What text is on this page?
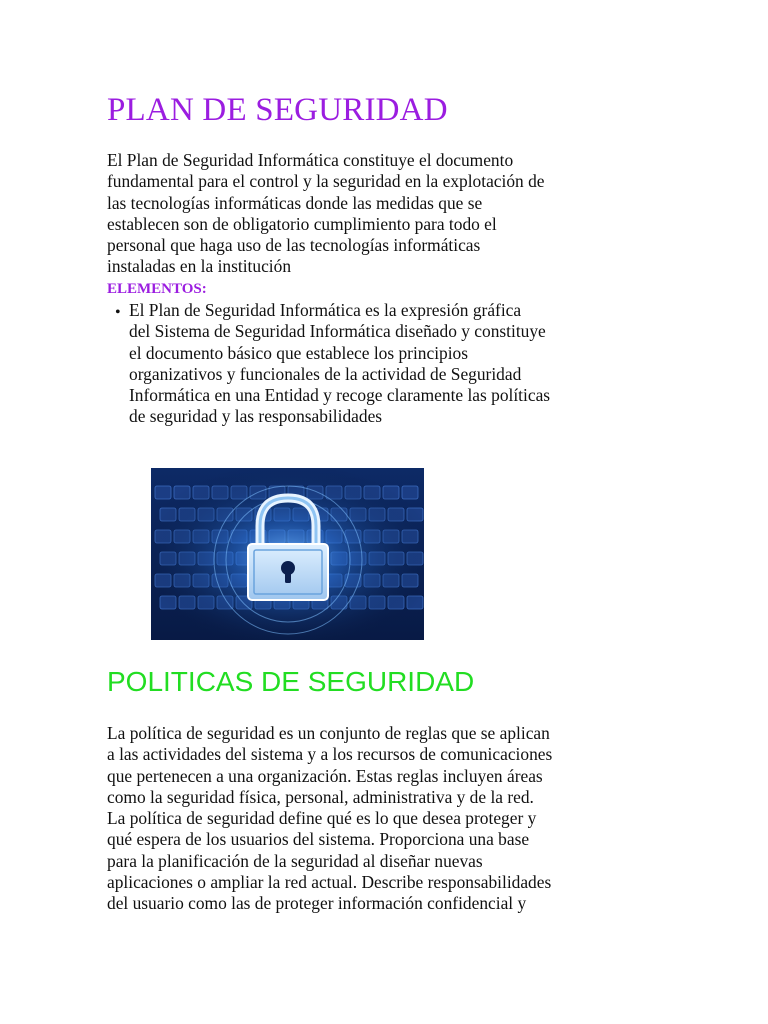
PLAN DE SEGURIDAD

El Plan de Seguridad Informática constituye el documento
fundamental para el control y la seguridad en la explotación de
las tecnologías informáticas donde las medidas que se
establecen son de obligatorio cumplimiento para todo el
personal que haga uso de las tecnologías informáticas
instaladas en la institución

ELEMENTOS:
• El Plan de Seguridad Informática es la expresión gráfica
del Sistema de Seguridad Informática diseñado y constituye
el documento básico que establece los principios
organizativos y funcionales de la actividad de Seguridad
Informática en una Entidad y recoge claramente las políticas
de seguridad y las responsabilidades

POLITICAS DE SEGURIDAD

La política de seguridad es un conjunto de reglas que se aplican
a las actividades del sistema y a los recursos de comunicaciones
que pertenecen a una organización. Estas reglas incluyen áreas
como la seguridad física, personal, administrativa y de la red.
La política de seguridad define qué es lo que desea proteger y
qué espera de los usuarios del sistema. Proporciona una base
para la planificación de la seguridad al diseñar nuevas
aplicaciones o ampliar la red actual. Describe responsabilidades
del usuario como las de proteger información confidencial y
